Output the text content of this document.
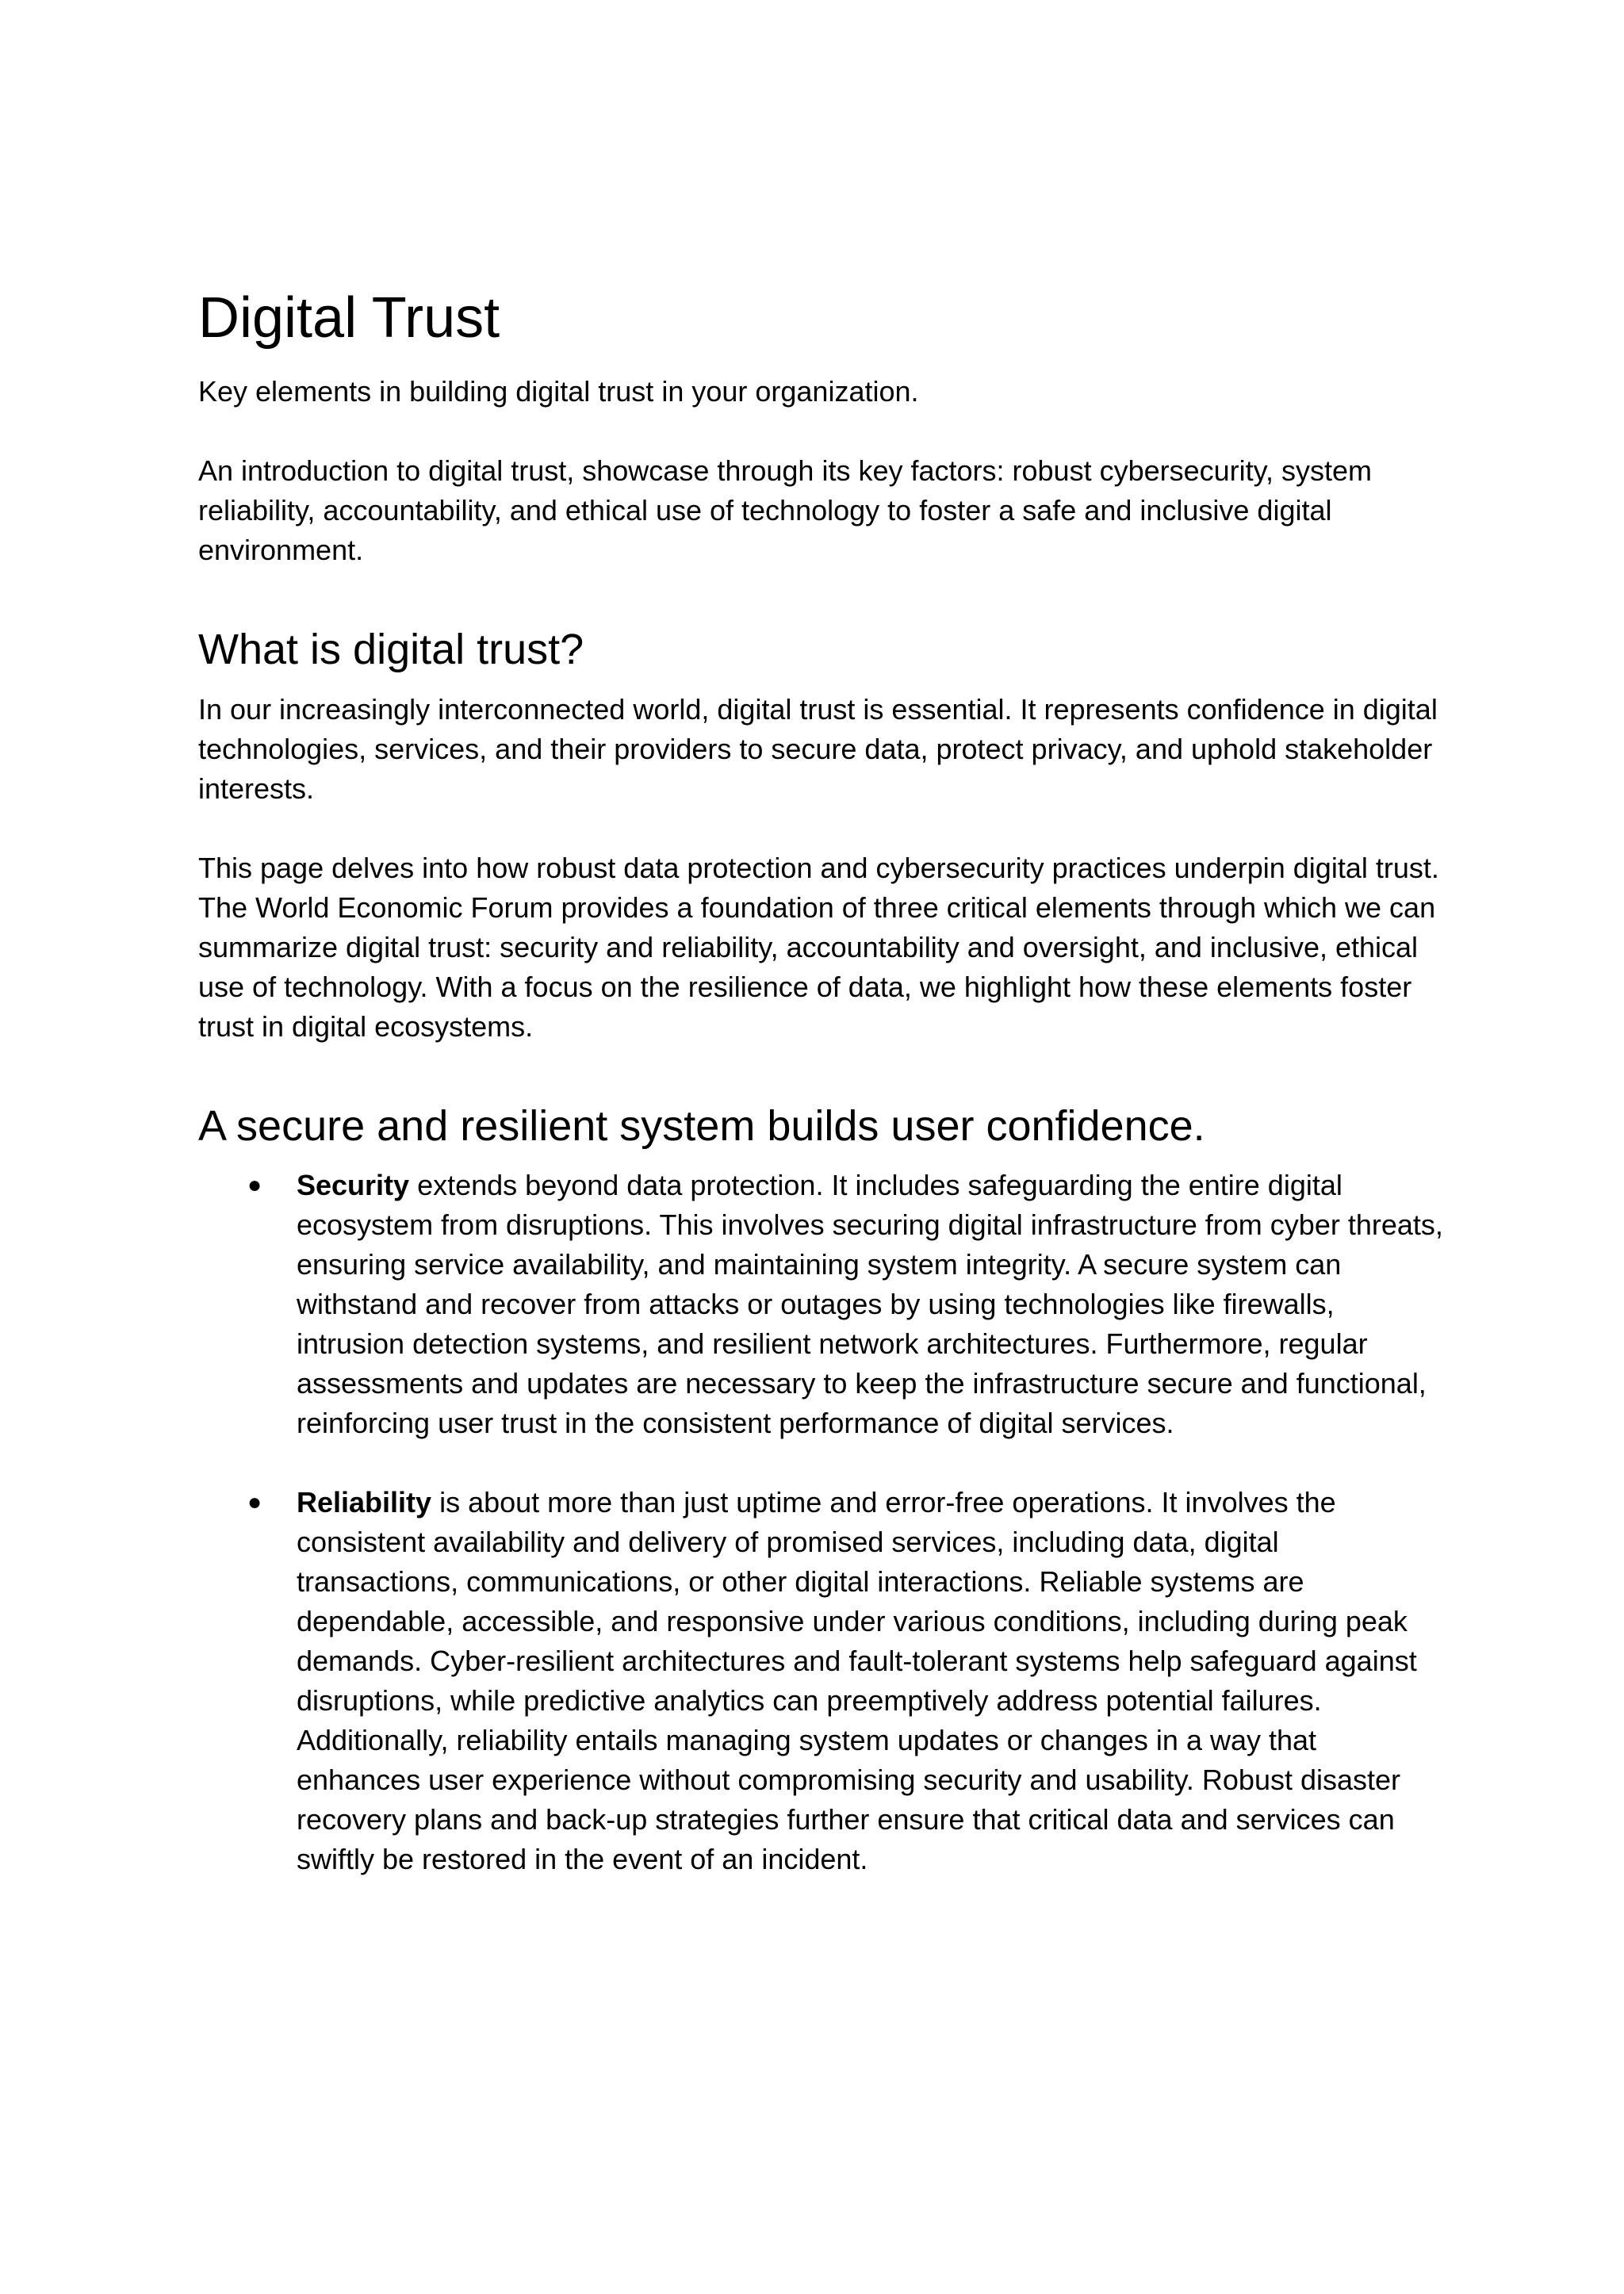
Digital Trust

Key elements in building digital trust in your organization.

An introduction to digital trust, showcase through its key factors: robust cybersecurity, system reliability, accountability, and ethical use of technology to foster a safe and inclusive digital environment.

What is digital trust?

In our increasingly interconnected world, digital trust is essential. It represents confidence in digital technologies, services, and their providers to secure data, protect privacy, and uphold stakeholder interests.

This page delves into how robust data protection and cybersecurity practices underpin digital trust. The World Economic Forum provides a foundation of three critical elements through which we can summarize digital trust: security and reliability, accountability and oversight, and inclusive, ethical use of technology. With a focus on the resilience of data, we highlight how these elements foster trust in digital ecosystems.

A secure and resilient system builds user confidence.
● Security extends beyond data protection. It includes safeguarding the entire digital ecosystem from disruptions. This involves securing digital infrastructure from cyber threats, ensuring service availability, and maintaining system integrity. A secure system can withstand and recover from attacks or outages by using technologies like firewalls, intrusion detection systems, and resilient network architectures. Furthermore, regular assessments and updates are necessary to keep the infrastructure secure and functional, reinforcing user trust in the consistent performance of digital services.
● Reliability is about more than just uptime and error-free operations. It involves the consistent availability and delivery of promised services, including data, digital transactions, communications, or other digital interactions. Reliable systems are dependable, accessible, and responsive under various conditions, including during peak demands. Cyber-resilient architectures and fault-tolerant systems help safeguard against disruptions, while predictive analytics can preemptively address potential failures. Additionally, reliability entails managing system updates or changes in a way that enhances user experience without compromising security and usability. Robust disaster recovery plans and back-up strategies further ensure that critical data and services can swiftly be restored in the event of an incident.
